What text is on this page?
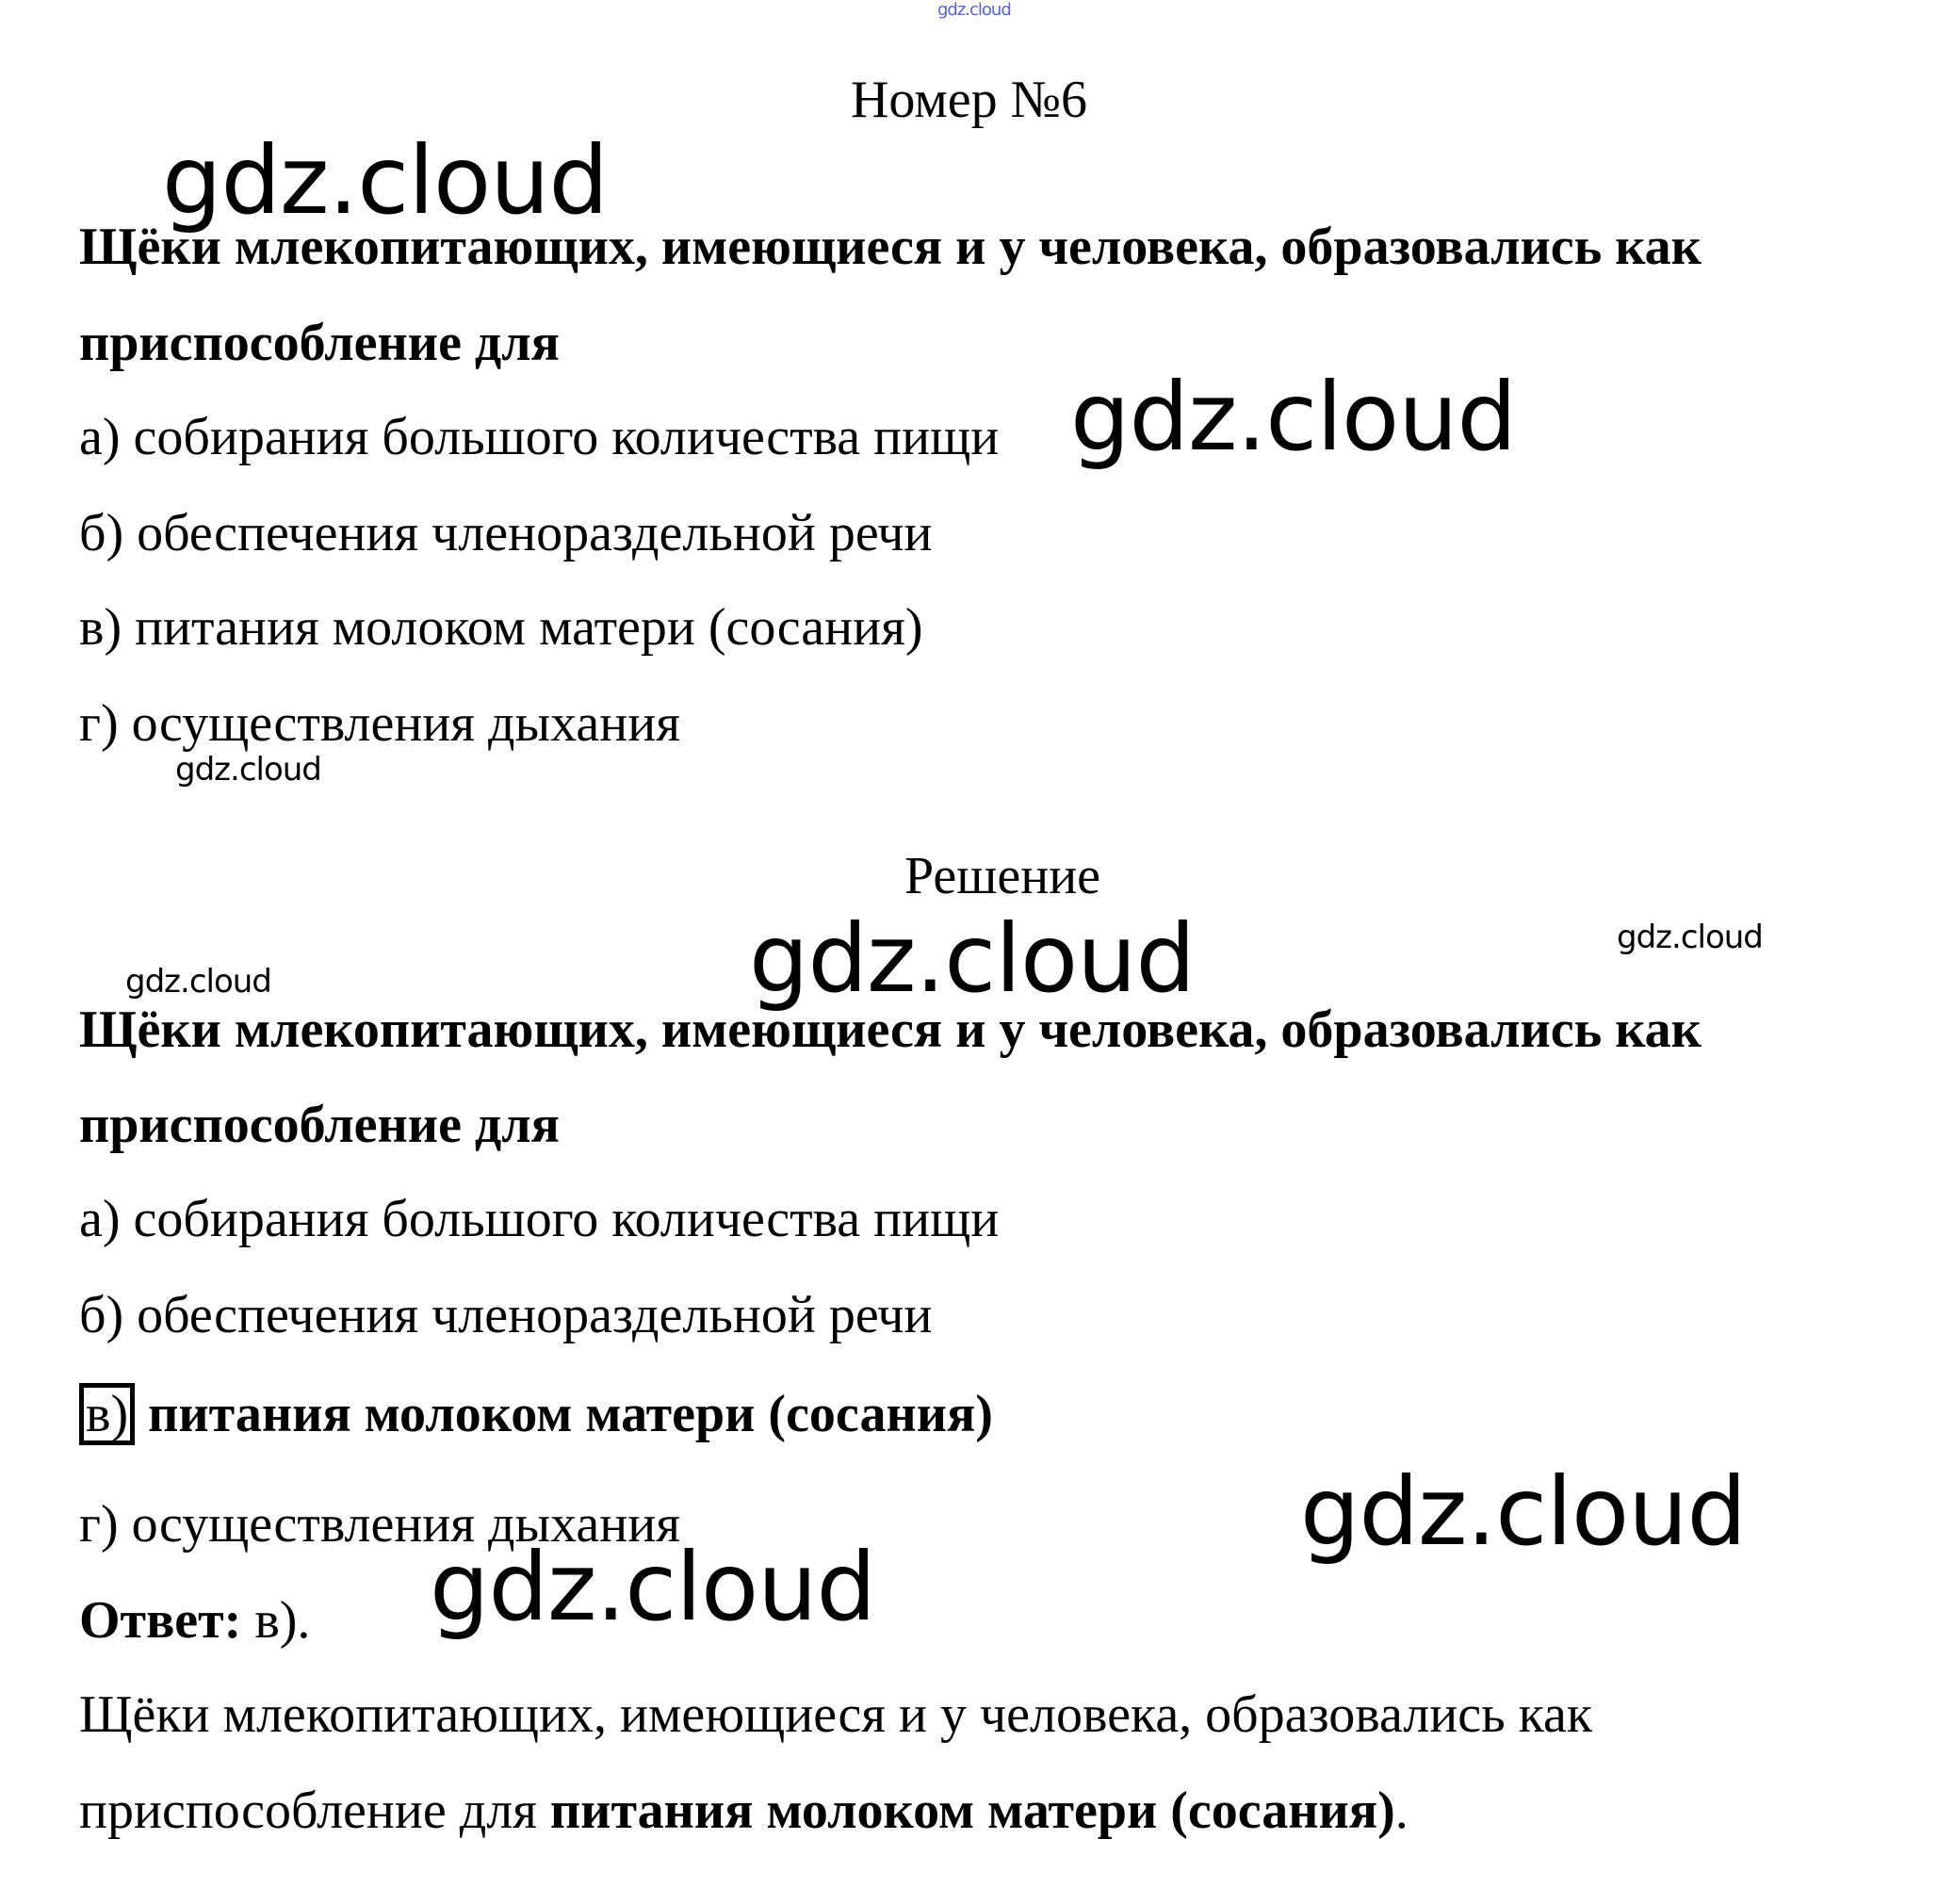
gdz.cloud
Номер №6
Щёки млекопитающих, имеющиеся и у человека, образовались как
приспособление для
а) собирания большого количества пищи
б) обеспечения членораздельной речи
в) питания молоком матери (сосания)
г) осуществления дыхания
Решение
Щёки млекопитающих, имеющиеся и у человека, образовались как
приспособление для
а) собирания большого количества пищи
б) обеспечения членораздельной речи
в) питания молоком матери (сосания)
г) осуществления дыхания
Ответ: в).
Щёки млекопитающих, имеющиеся и у человека, образовались как
приспособление для питания молоком матери (сосания).
gdz.cloud
gdz.cloud
gdz.cloud
gdz.cloud
gdz.cloud	gdz.cloud
gdz.cloud
gdz.cloud
